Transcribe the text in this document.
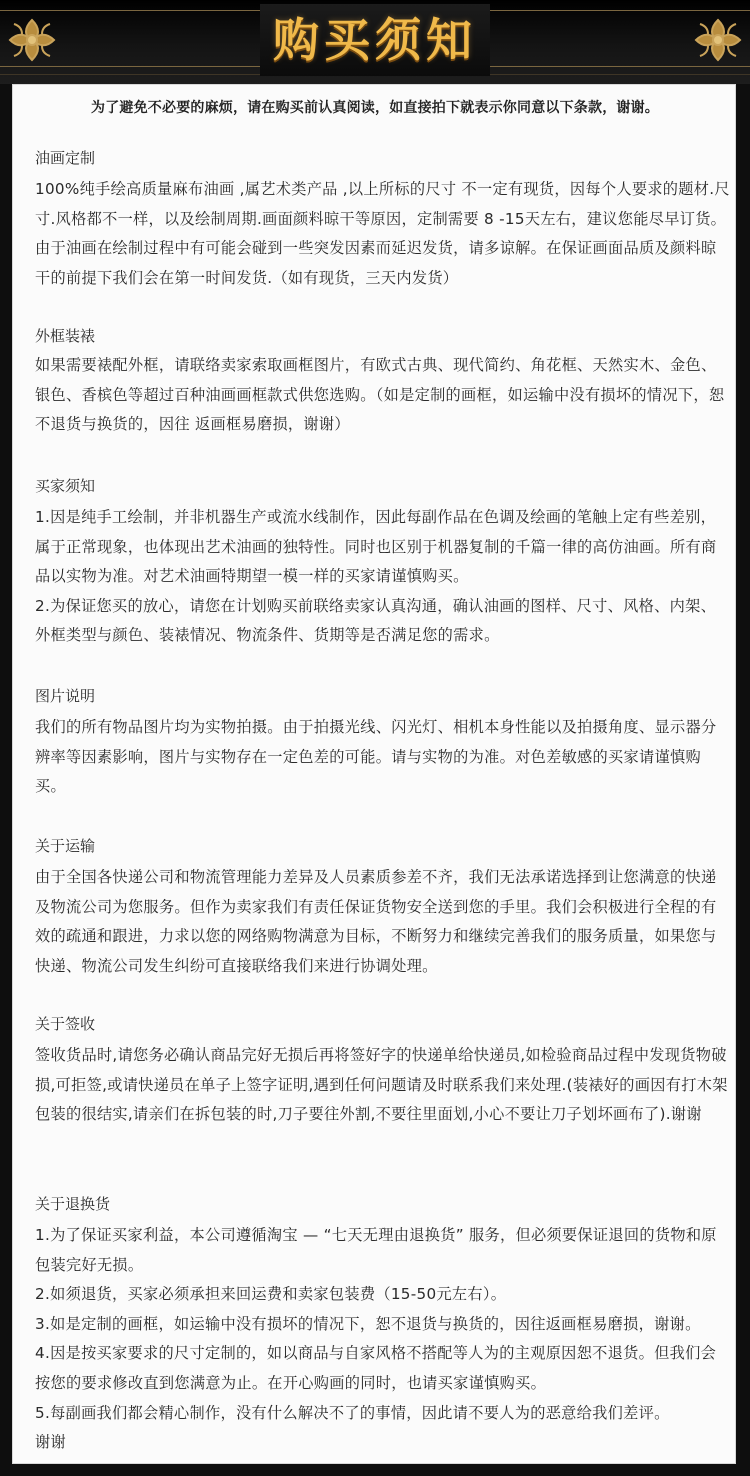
购买须知
为了避免不必要的麻烦，请在购买前认真阅读，如直接拍下就表示你同意以下条款，谢谢。
油画定制

100%纯手绘高质量麻布油画 ,属艺术类产品 ,以上所标的尺寸 不一定有现货，因每个人要求的题材.尺寸.风格都不一样，以及绘制周期.画面颜料晾干等原因，定制需要 8 -15天左右，建议您能尽早订货。由于油画在绘制过程中有可能会碰到一些突发因素而延迟发货，请多谅解。在保证画面品质及颜料晾干的前提下我们会在第一时间发货.（如有现货，三天内发货）

外框装裱

如果需要裱配外框，请联络卖家索取画框图片，有欧式古典、现代简约、角花框、天然实木、金色、银色、香槟色等超过百种油画画框款式供您选购。（如是定制的画框，如运输中没有损坏的情况下，恕不退货与换货的，因往 返画框易磨损，谢谢）

买家须知

1.因是纯手工绘制，并非机器生产或流水线制作，因此每副作品在色调及绘画的笔触上定有些差别，属于正常现象，也体现出艺术油画的独特性。同时也区别于机器复制的千篇一律的高仿油画。所有商品以实物为准。对艺术油画特期望一模一样的买家请谨慎购买。

2.为保证您买的放心，请您在计划购买前联络卖家认真沟通，确认油画的图样、尺寸、风格、内架、外框类型与颜色、装裱情况、物流条件、货期等是否满足您的需求。

图片说明

我们的所有物品图片均为实物拍摄。由于拍摄光线、闪光灯、相机本身性能以及拍摄角度、显示器分辨率等因素影响，图片与实物存在一定色差的可能。请与实物的为准。对色差敏感的买家请谨慎购买。

关于运输

由于全国各快递公司和物流管理能力差异及人员素质参差不齐，我们无法承诺选择到让您满意的快递及物流公司为您服务。但作为卖家我们有责任保证货物安全送到您的手里。我们会积极进行全程的有效的疏通和跟进，力求以您的网络购物满意为目标，不断努力和继续完善我们的服务质量，如果您与快递、物流公司发生纠纷可直接联络我们来进行协调处理。

关于签收

签收货品时,请您务必确认商品完好无损后再将签好字的快递单给快递员,如检验商品过程中发现货物破损,可拒签,或请快递员在单子上签字证明,遇到任何问题请及时联系我们来处理.(装裱好的画因有打木架包装的很结实,请亲们在拆包装的时,刀子要往外割,不要往里面划,小心不要让刀子划坏画布了).谢谢

关于退换货

1.为了保证买家利益，本公司遵循淘宝 — “七天无理由退换货” 服务，但必须要保证退回的货物和原包装完好无损。

2.如须退货，买家必须承担来回运费和卖家包装费（15-50元左右）。

3.如是定制的画框，如运输中没有损坏的情况下，恕不退货与换货的，因往返画框易磨损，谢谢。

4.因是按买家要求的尺寸定制的，如以商品与自家风格不搭配等人为的主观原因恕不退货。但我们会按您的要求修改直到您满意为止。在开心购画的同时，也请买家谨慎购买。

5.每副画我们都会精心制作，没有什么解决不了的事情，因此请不要人为的恶意给我们差评。

谢谢
